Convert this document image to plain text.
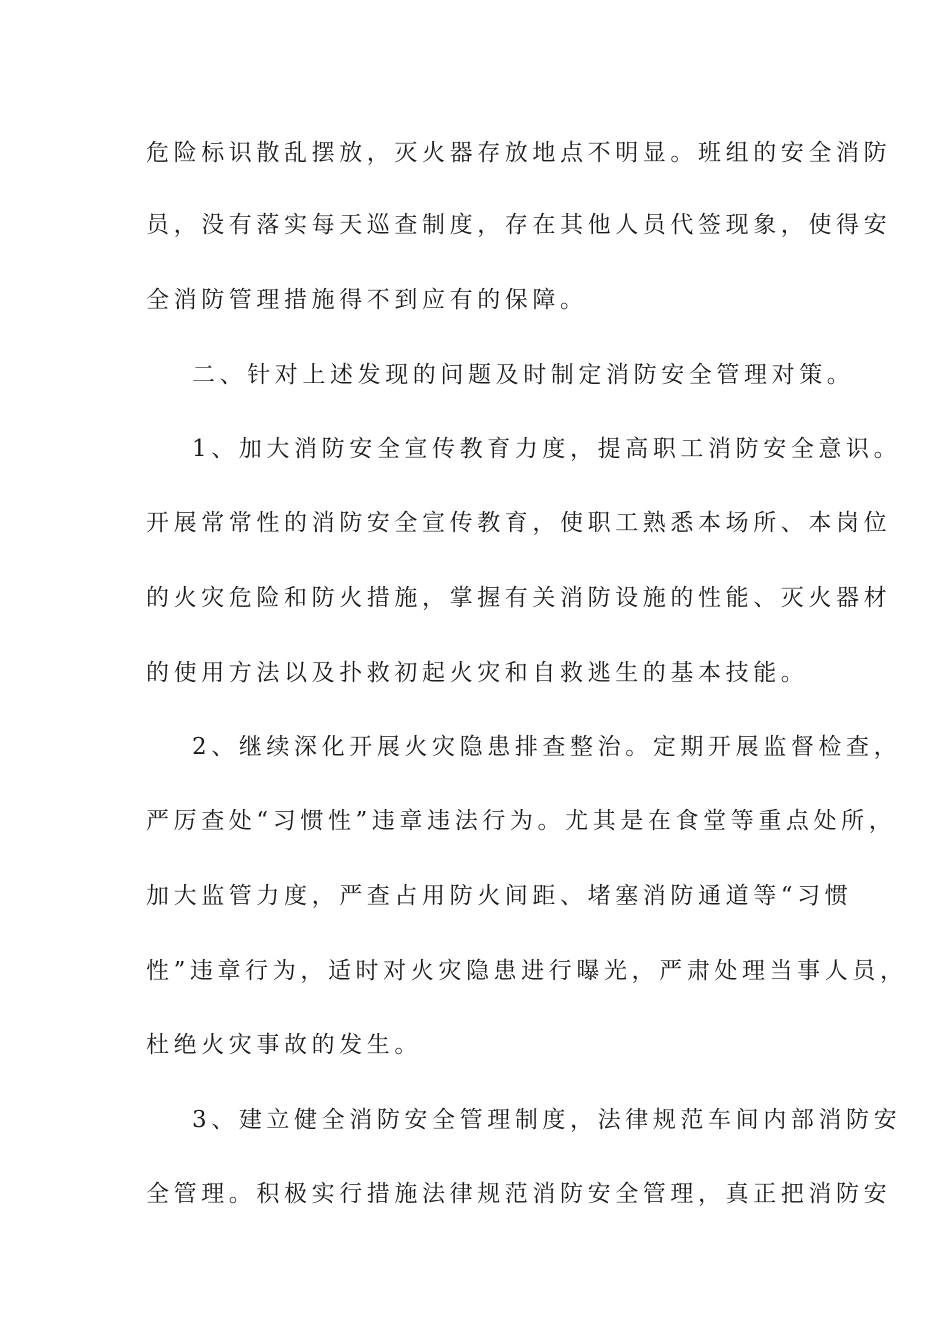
危险标识散乱摆放，灭火器存放地点不明显。班组的安全消防
员，没有落实每天巡查制度，存在其他人员代签现象，使得安
全消防管理措施得不到应有的保障。
二、针对上述发现的问题及时制定消防安全管理对策。
1、加大消防安全宣传教育力度，提高职工消防安全意识。
开展常常性的消防安全宣传教育，使职工熟悉本场所、本岗位
的火灾危险和防火措施，掌握有关消防设施的性能、灭火器材
的使用方法以及扑救初起火灾和自救逃生的基本技能。
2、继续深化开展火灾隐患排查整治。定期开展监督检查，
严厉查处“习惯性”违章违法行为。尤其是在食堂等重点处所，
加大监管力度，严查占用防火间距、堵塞消防通道等“习惯
性”违章行为，适时对火灾隐患进行曝光，严肃处理当事人员，
杜绝火灾事故的发生。
3、建立健全消防安全管理制度，法律规范车间内部消防安
全管理。积极实行措施法律规范消防安全管理，真正把消防安
